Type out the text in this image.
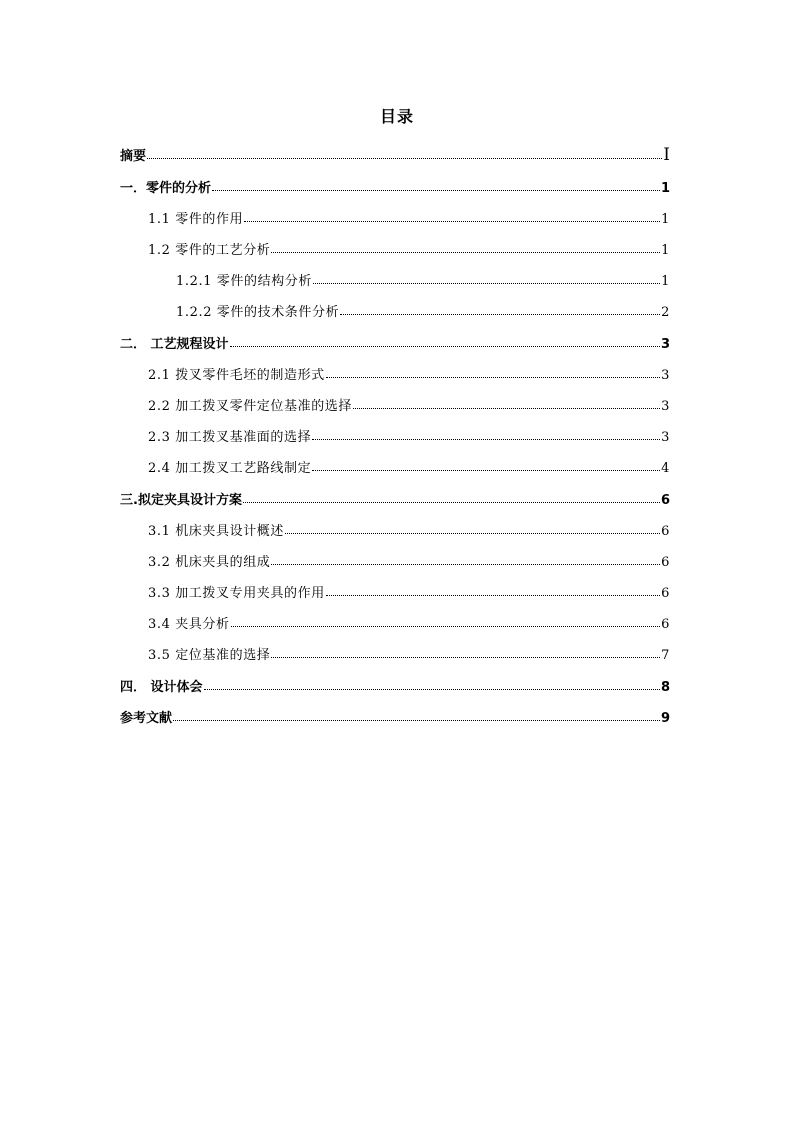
目录
摘要	Ⅰ
一．零件的分析	1
1.1 零件的作用	1
1.2 零件的工艺分析	1
1.2.1 零件的结构分析	1
1.2.2 零件的技术条件分析	2
二． 工艺规程设计	3
2.1 拨叉零件毛坯的制造形式	3
2.2 加工拨叉零件定位基准的选择	3
2.3 加工拨叉基准面的选择	3
2.4 加工拨叉工艺路线制定	4
三.拟定夹具设计方案	6
3.1 机床夹具设计概述	6
3.2 机床夹具的组成	6
3.3 加工拨叉专用夹具的作用	6
3.4 夹具分析	6
3.5 定位基准的选择	7
四． 设计体会	8
参考文献	9
